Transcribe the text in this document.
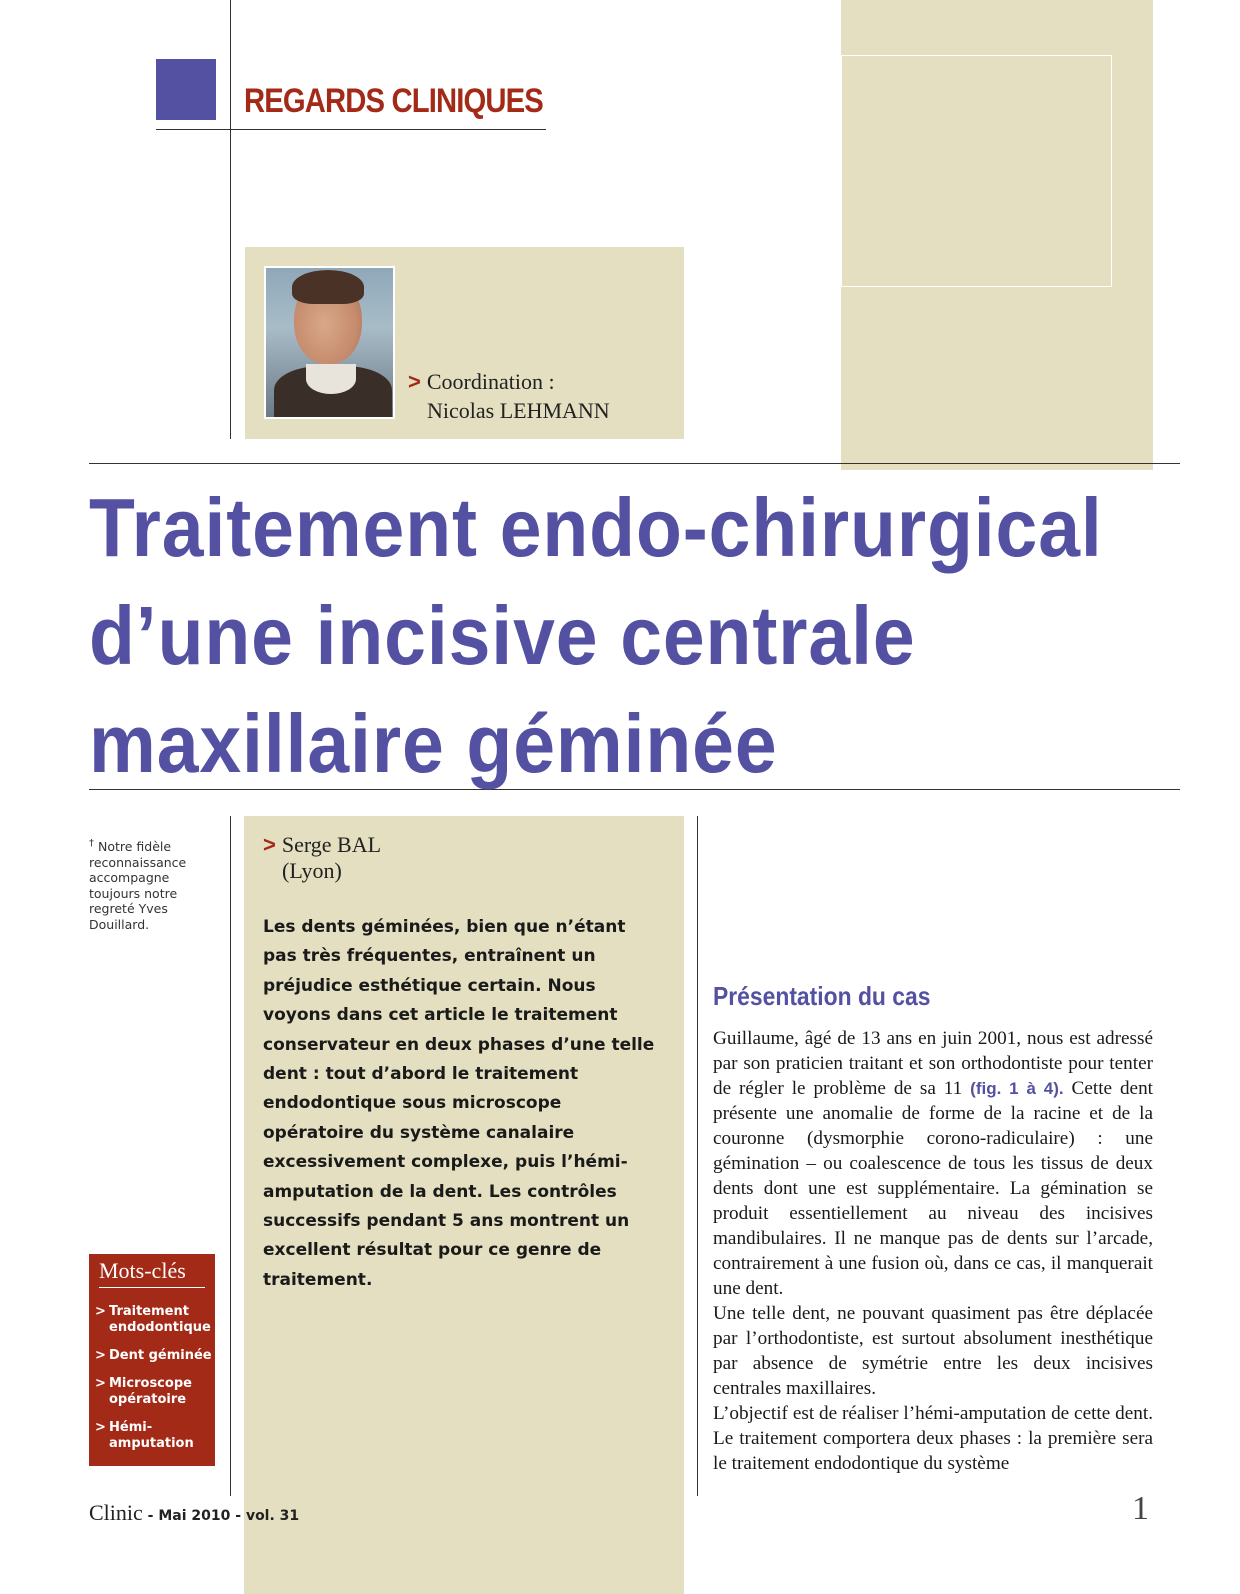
REGARDS CLINIQUES
> Coordination :
Nicolas LEHMANN
Traitement endo-chirurgical
d’une incisive centrale
maxillaire géminée
† Notre fidèle reconnaissance accompagne toujours notre regreté Yves Douillard.
> Serge BAL
(Lyon)

Les dents géminées, bien que n’étant pas très fréquentes, entraînent un préjudice esthétique certain. Nous voyons dans cet article le traitement conservateur en deux phases d’une telle dent : tout d’abord le traitement endodontique sous microscope opératoire du système canalaire excessivement complexe, puis l’hémi-amputation de la dent. Les contrôles successifs pendant 5 ans montrent un excellent résultat pour ce genre de traitement.

Mots-clés
> Traitement endodontique
> Dent géminée
> Microscope opératoire
> Hémi-amputation
Présentation du cas

Guillaume, âgé de 13 ans en juin 2001, nous est adressé par son praticien traitant et son orthodontiste pour tenter de régler le problème de sa 11 (fig. 1 à 4). Cette dent présente une anomalie de forme de la racine et de la couronne (dysmorphie corono-radiculaire) : une gémination – ou coalescence de tous les tissus de deux dents dont une est supplémentaire. La gémination se produit essentiellement au niveau des incisives mandibulaires. Il ne manque pas de dents sur l’arcade, contrairement à une fusion où, dans ce cas, il manquerait une dent.

Une telle dent, ne pouvant quasiment pas être déplacée par l’orthodontiste, est surtout absolument inesthétique par absence de symétrie entre les deux incisives centrales maxillaires.

L’objectif est de réaliser l’hémi-amputation de cette dent. Le traitement comportera deux phases : la première sera le traitement endodontique du système

Clinic - Mai 2010 - vol. 31	1
